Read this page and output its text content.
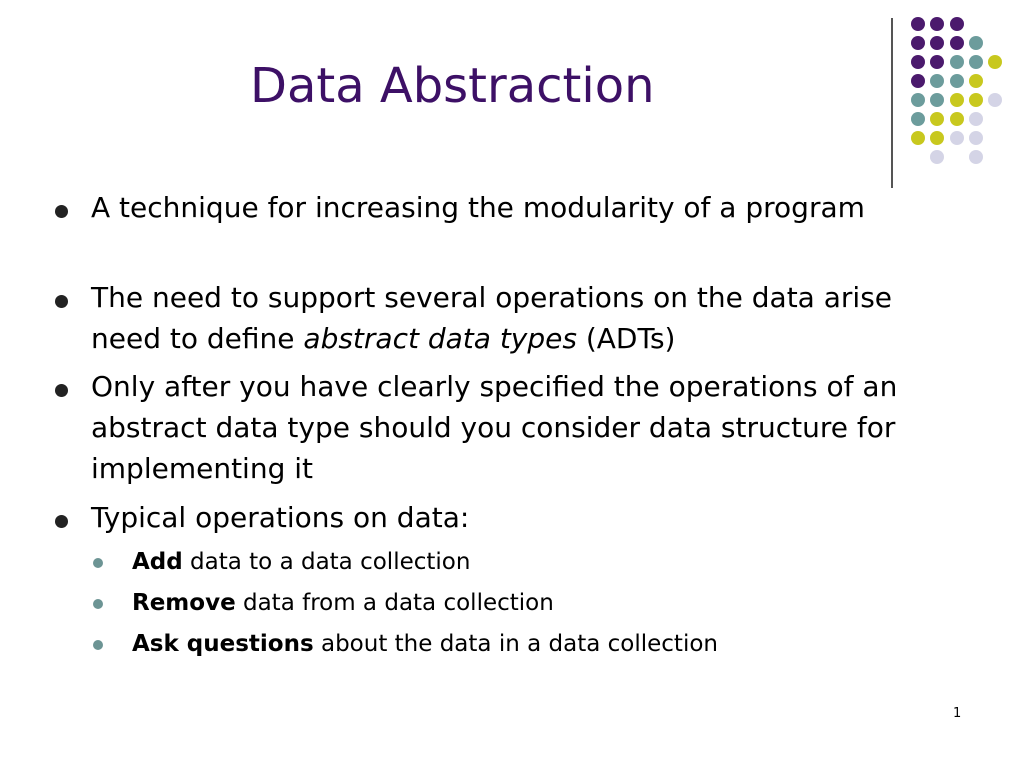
Data Abstraction
A technique for increasing the modularity of a program
The need to support several operations on the data arise need to define abstract data types (ADTs)
Only after you have clearly specified the operations of an abstract data type should you consider data structure for implementing it
Typical operations on data:
Add data to a data collection
Remove data from a data collection
Ask questions about the data in a data collection
1
